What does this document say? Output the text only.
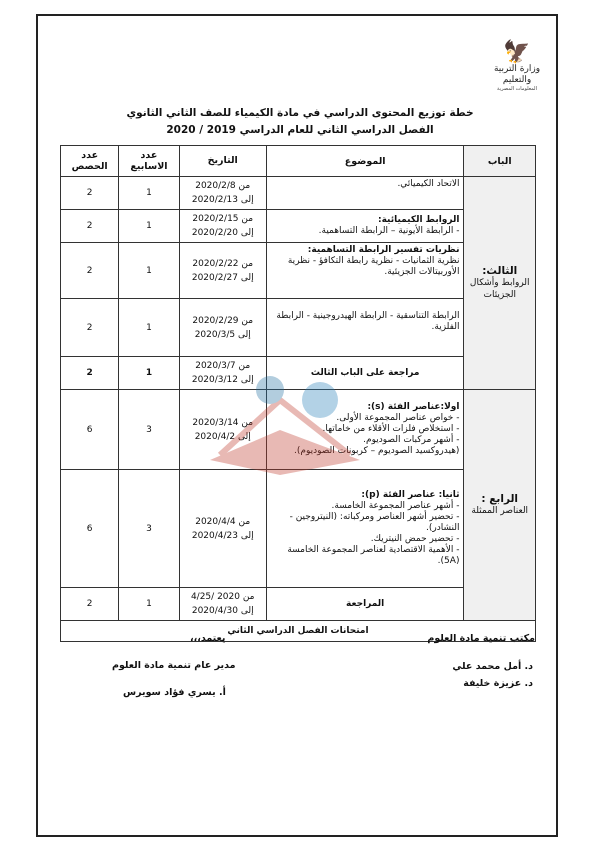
🦅
وزارة التربية والتعليم
المعلومات المصرية
خطة توزيع المحتوى الدراسي في مادة الكيمياء للصف الثاني الثانوي
الفصل الدراسي الثاني للعام الدراسي 2019 / 2020
الباب	الموضوع	التاريخ	عدد الاسابيع	عدد الحصص

الثالث:
الروابط وأشكال الجزيئات	الاتحاد الكيميائي.	من 2020/2/8
إلى 2020/2/13	1	2

	الروابط الكيميائية:
- الرابطة الأيونية – الرابطة التساهمية.	من 2020/2/15
إلى 2020/2/20	1	2

	نظريات تفسير الرابطة التساهمية:
نظرية الثمانيات - نظرية رابطة التكافؤ - نظرية الأوربيتالات الجزيئية.	من 2020/2/22
إلى 2020/2/27	1	2

	الرابطة التناسقية - الرابطة الهيدروجينية - الرابطة الفلزية.	من 2020/2/29
إلى 2020/3/5	1	2
	مراجعة على الباب الثالث	من 2020/3/7
إلى 2020/3/12	1	2

الرابع :
العناصر الممثلة	اولا:عناصر الفئة (s):
- خواص عناصر المجموعة الأولى.
- استخلاص فلزات الأقلاء من خاماتها.
- أشهر مركبات الصوديوم.
(هيدروكسيد الصوديوم – كربونات الصوديوم).	من 2020/3/14
إلى 2020/4/2	3	6

	ثانيا: عناصر الفئة (p):
- أشهر عناصر المجموعة الخامسة.
- تحضير أشهر العناصر ومركباته: (النيتروجين - النشادر).
- تحضير حمض النيتريك.
- الأهمية الاقتصادية لعناصر المجموعة الخامسة (5A).	من 2020/4/4
إلى 2020/4/23	3	6
	المراجعة	من 2020 /4/25
إلى 2020/4/30	1	2
امتحانات الفصل الدراسي الثاني				
مكتب تنمية مادة العلوم
يعتمد،،،
مدير عام تنمية مادة العلوم	د. أمل محمد علي
د. عزيزة خليفة
أ. يسري فؤاد سويرس
